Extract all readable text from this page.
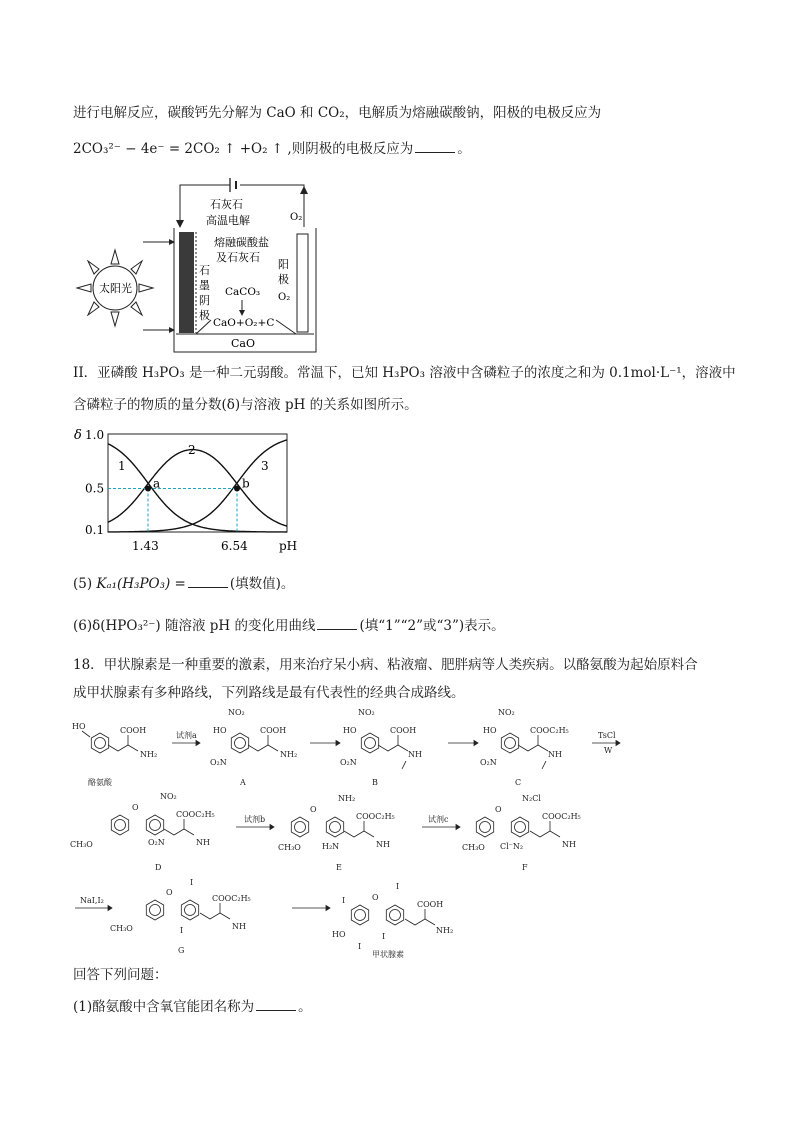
进行电解反应，碳酸钙先分解为 CaO 和 CO₂，电解质为熔融碳酸钠，阳极的电极反应为
2CO₃²⁻ − 4e⁻ = 2CO₂ ↑ +O₂ ↑ ,则阴极的电极反应为	。
石灰石
高温电解	O₂
熔融碳酸盐
及石灰石
石
墨
阴
极
阳
极
O₂
CaCO₃
CaO+O₂+C
CaO
太阳光
II．亚磷酸 H₃PO₃ 是一种二元弱酸。常温下，已知 H₃PO₃ 溶液中含磷粒子的浓度之和为 0.1mol·L⁻¹，溶液中
含磷粒子的物质的量分数(δ)与溶液 pH 的关系如图所示。
1
2
3
a	b
δ 1.0
0.5
0.1
1.43	6.54	pH
(5) Kₐ₁(H₃PO₃) =	(填数值)。
(6)δ(HPO₃²⁻) 随溶液 pH 的变化用曲线	(填“1”“2”或“3”)表示。
18．甲状腺素是一种重要的激素，用来治疗呆小病、粘液瘤、肥胖病等人类疾病。以酪氨酸为起始原料合
成甲状腺素有多种路线，下列路线是最有代表性的经典合成路线。
HO	COOH
NH₂
酪氨酸
试剂a
HO
NO₂
O₂N
COOH
NH₂
A
HO
NO₂
O₂N
COOH
NH
B
HO
NO₂
O₂N
COOC₂H₅
NH
C
TsCl
W
CH₃O
O
NO₂
O₂N
COOC₂H₅
NH
D
试剂b
CH₃O
O
NH₂
H₂N
COOC₂H₅
NH
E
试剂c
CH₃O
O
N₂Cl
Cl⁻N₂
COOC₂H₅
NH
F
NaI,I₂
CH₃O
O
I
I
COOC₂H₅
NH
G
I
HO
I
O
I
I
COOH
NH₂
甲状腺素
回答下列问题：
(1)酪氨酸中含氧官能团名称为	。
